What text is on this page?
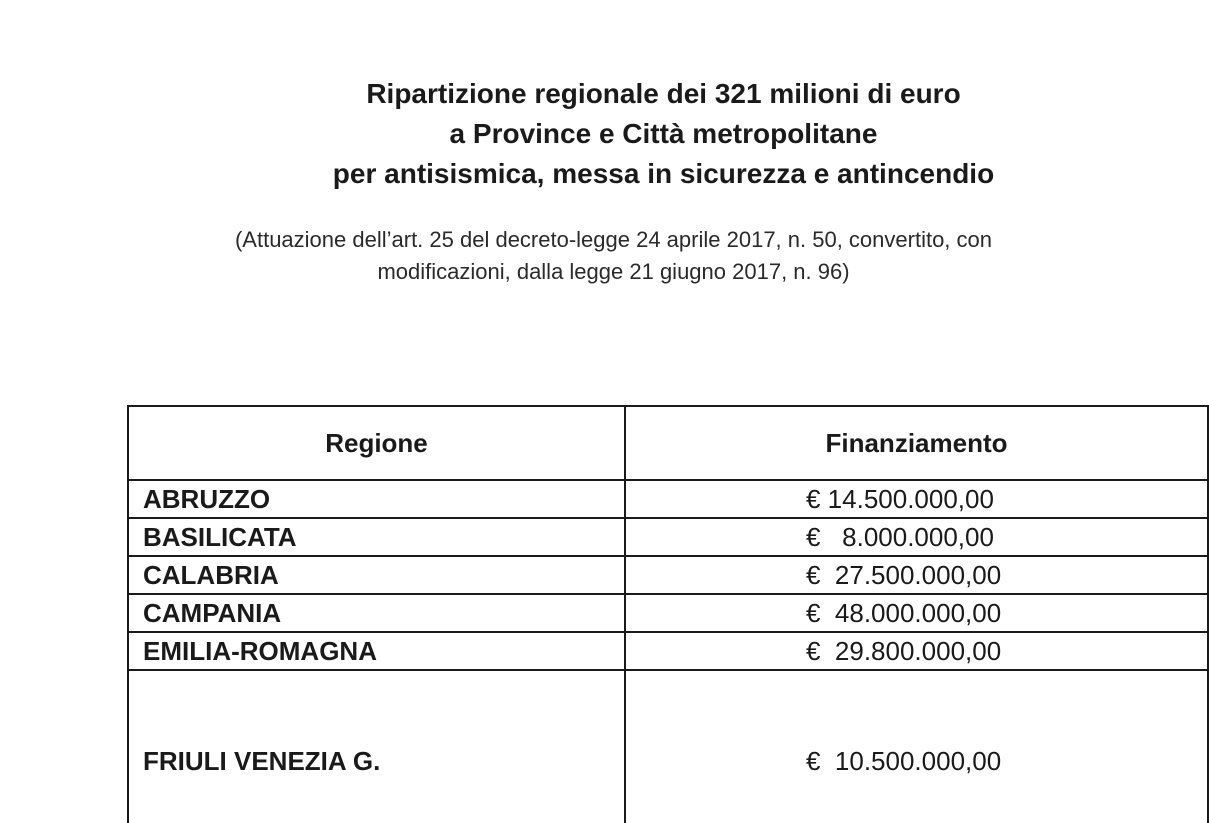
Ripartizione regionale dei 321 milioni di euro
a Province e Città metropolitane
per antisismica, messa in sicurezza e antincendio
(Attuazione dell’art. 25 del decreto-legge 24 aprile 2017, n. 50, convertito, con
modificazioni, dalla legge 21 giugno 2017, n. 96)
Regione	Finanziamento
ABRUZZO	€ 14.500.000,00
BASILICATA	€   8.000.000,00
CALABRIA	€  27.500.000,00
CAMPANIA	€  48.000.000,00
EMILIA-ROMAGNA	€  29.800.000,00

FRIULI VENEZIA G.	€  10.500.000,00
